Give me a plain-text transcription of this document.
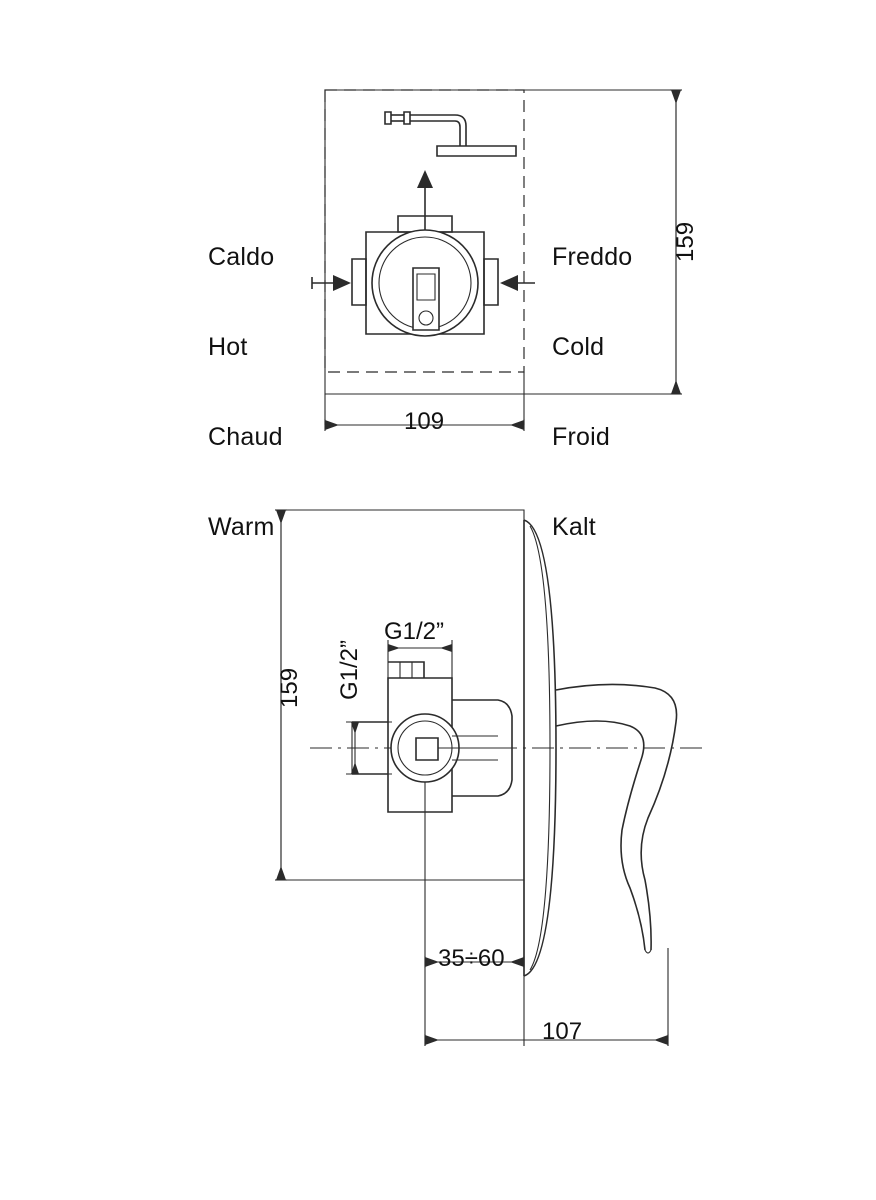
Caldo

Hot

Chaud

Warm

Freddo

Cold

Froid

Kalt

159
109
159
G1/2”
G1/2”
35÷60
107
